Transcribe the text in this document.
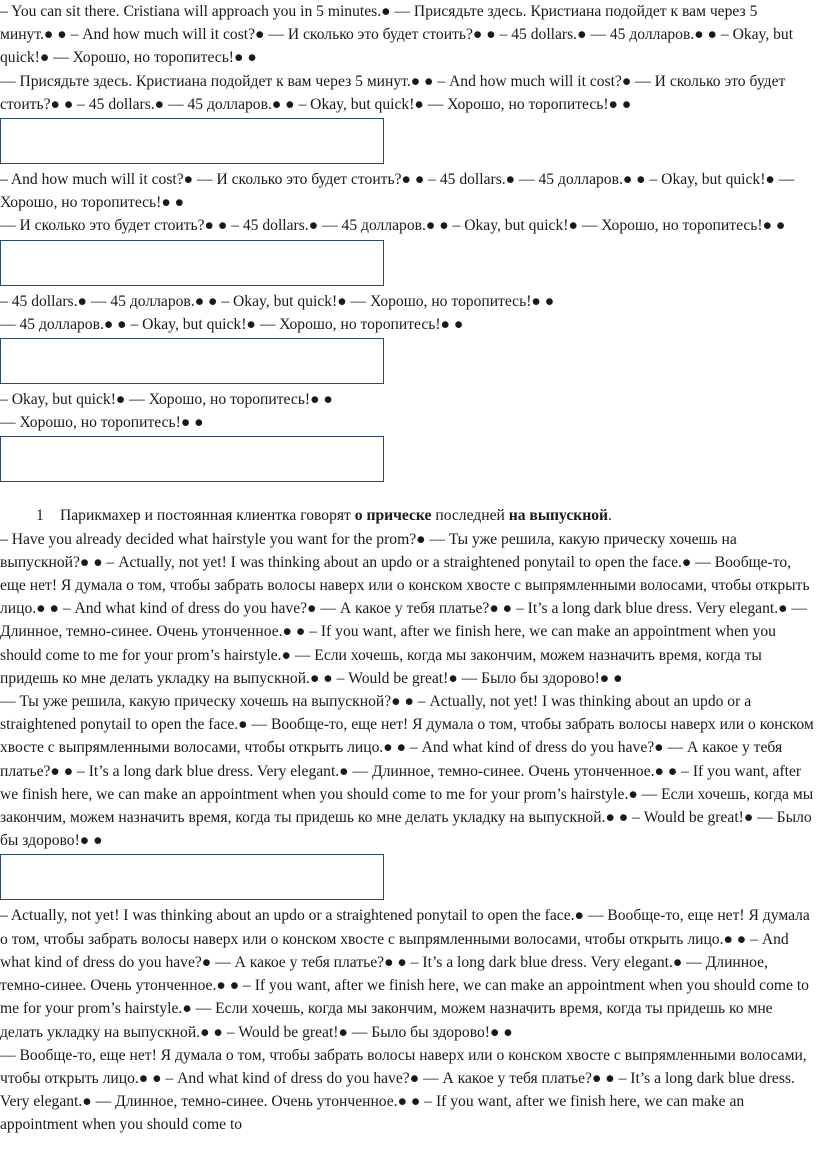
– You can sit there. Cristiana will approach you in 5 minutes.● — Присядьте здесь. Кристиана подойдет к вам через 5 минут.● ● – And how much will it cost?● — И сколько это будет стоить?● ● – 45 dollars.● — 45 долларов.● ● – Okay, but quick!● — Хорошо, но торопитесь!● ●

— Присядьте здесь. Кристиана подойдет к вам через 5 минут.● ● – And how much will it cost?● — И сколько это будет стоить?● ● – 45 dollars.● — 45 долларов.● ● – Okay, but quick!● — Хорошо, но торопитесь!● ●

– And how much will it cost?● — И сколько это будет стоить?● ● – 45 dollars.● — 45 долларов.● ● – Okay, but quick!● — Хорошо, но торопитесь!● ●

— И сколько это будет стоить?● ● – 45 dollars.● — 45 долларов.● ● – Okay, but quick!● — Хорошо, но торопитесь!● ●

– 45 dollars.● — 45 долларов.● ● – Okay, but quick!● — Хорошо, но торопитесь!● ●

— 45 долларов.● ● – Okay, but quick!● — Хорошо, но торопитесь!● ●

– Okay, but quick!● — Хорошо, но торопитесь!● ●

— Хорошо, но торопитесь!● ●

1 Парикмахер и постоянная клиентка говорят о прическе последней на выпускной.

– Have you already decided what hairstyle you want for the prom?● — Ты уже решила, какую прическу хочешь на выпускной?● ● – Actually, not yet! I was thinking about an updo or a straightened ponytail to open the face.● — Вообще-то, еще нет! Я думала о том, чтобы забрать волосы наверх или о конском хвосте с выпрямленными волосами, чтобы открыть лицо.● ● – And what kind of dress do you have?● — А какое у тебя платье?● ● – It’s a long dark blue dress. Very elegant.● — Длинное, темно-синее. Очень утонченное.● ● – If you want, after we finish here, we can make an appointment when you should come to me for your prom’s hairstyle.● — Если хочешь, когда мы закончим, можем назначить время, когда ты придешь ко мне делать укладку на выпускной.● ● – Would be great!● — Было бы здорово!● ●

— Ты уже решила, какую прическу хочешь на выпускной?● ● – Actually, not yet! I was thinking about an updo or a straightened ponytail to open the face.● — Вообще-то, еще нет! Я думала о том, чтобы забрать волосы наверх или о конском хвосте с выпрямленными волосами, чтобы открыть лицо.● ● – And what kind of dress do you have?● — А какое у тебя платье?● ● – It’s a long dark blue dress. Very elegant.● — Длинное, темно-синее. Очень утонченное.● ● – If you want, after we finish here, we can make an appointment when you should come to me for your prom’s hairstyle.● — Если хочешь, когда мы закончим, можем назначить время, когда ты придешь ко мне делать укладку на выпускной.● ● – Would be great!● — Было бы здорово!● ●

– Actually, not yet! I was thinking about an updo or a straightened ponytail to open the face.● — Вообще-то, еще нет! Я думала о том, чтобы забрать волосы наверх или о конском хвосте с выпрямленными волосами, чтобы открыть лицо.● ● – And what kind of dress do you have?● — А какое у тебя платье?● ● – It’s a long dark blue dress. Very elegant.● — Длинное, темно-синее. Очень утонченное.● ● – If you want, after we finish here, we can make an appointment when you should come to me for your prom’s hairstyle.● — Если хочешь, когда мы закончим, можем назначить время, когда ты придешь ко мне делать укладку на выпускной.● ● – Would be great!● — Было бы здорово!● ●

— Вообще-то, еще нет! Я думала о том, чтобы забрать волосы наверх или о конском хвосте с выпрямленными волосами, чтобы открыть лицо.● ● – And what kind of dress do you have?● — А какое у тебя платье?● ● – It’s a long dark blue dress. Very elegant.● — Длинное, темно-синее. Очень утонченное.● ● – If you want, after we finish here, we can make an appointment when you should come to
